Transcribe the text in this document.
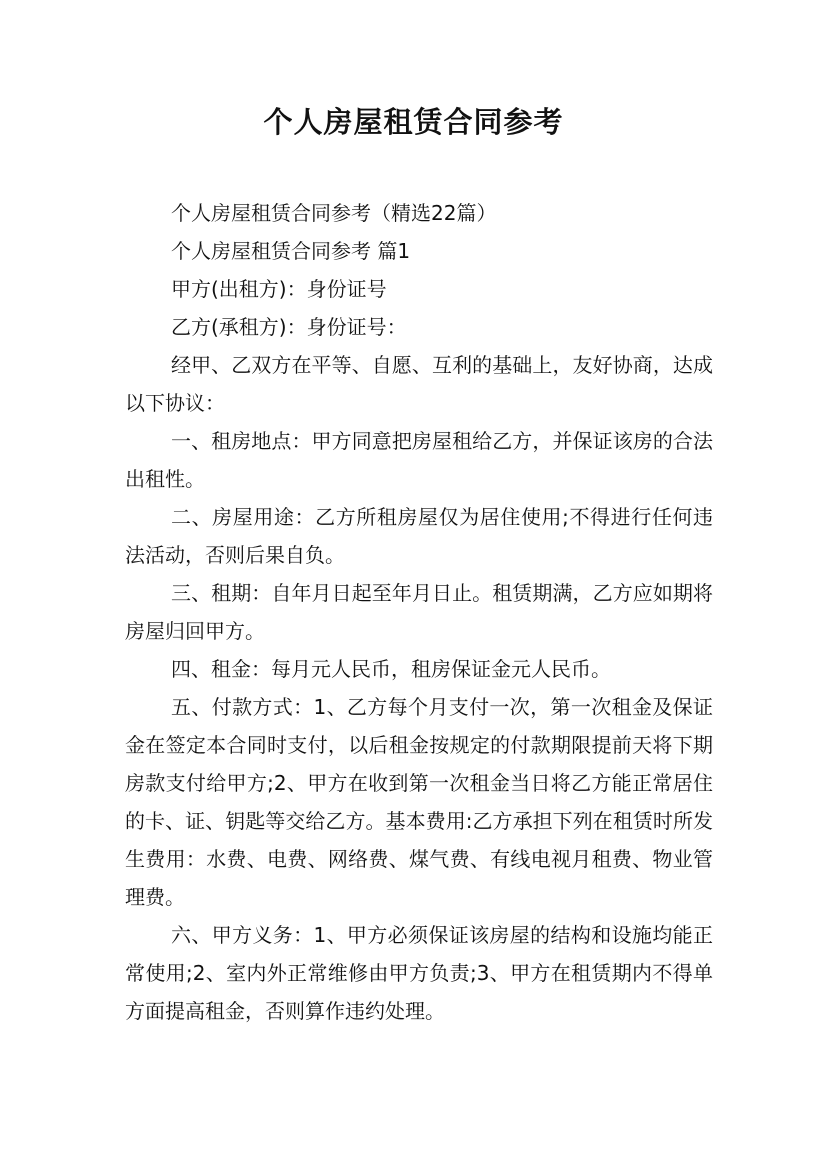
个人房屋租赁合同参考

个人房屋租赁合同参考（精选22篇）

个人房屋租赁合同参考 篇1

甲方(出租方)：身份证号

乙方(承租方)：身份证号：

经甲、乙双方在平等、自愿、互利的基础上，友好协商，达成以下协议：

一、租房地点：甲方同意把房屋租给乙方，并保证该房的合法出租性。

二、房屋用途：乙方所租房屋仅为居住使用;不得进行任何违法活动，否则后果自负。

三、租期：自年月日起至年月日止。租赁期满，乙方应如期将房屋归回甲方。

四、租金：每月元人民币，租房保证金元人民币。

五、付款方式：1、乙方每个月支付一次，第一次租金及保证金在签定本合同时支付，以后租金按规定的付款期限提前天将下期房款支付给甲方;2、甲方在收到第一次租金当日将乙方能正常居住的卡、证、钥匙等交给乙方。基本费用:乙方承担下列在租赁时所发生费用：水费、电费、网络费、煤气费、有线电视月租费、物业管理费。

六、甲方义务：1、甲方必须保证该房屋的结构和设施均能正常使用;2、室内外正常维修由甲方负责;3、甲方在租赁期内不得单方面提高租金，否则算作违约处理。
